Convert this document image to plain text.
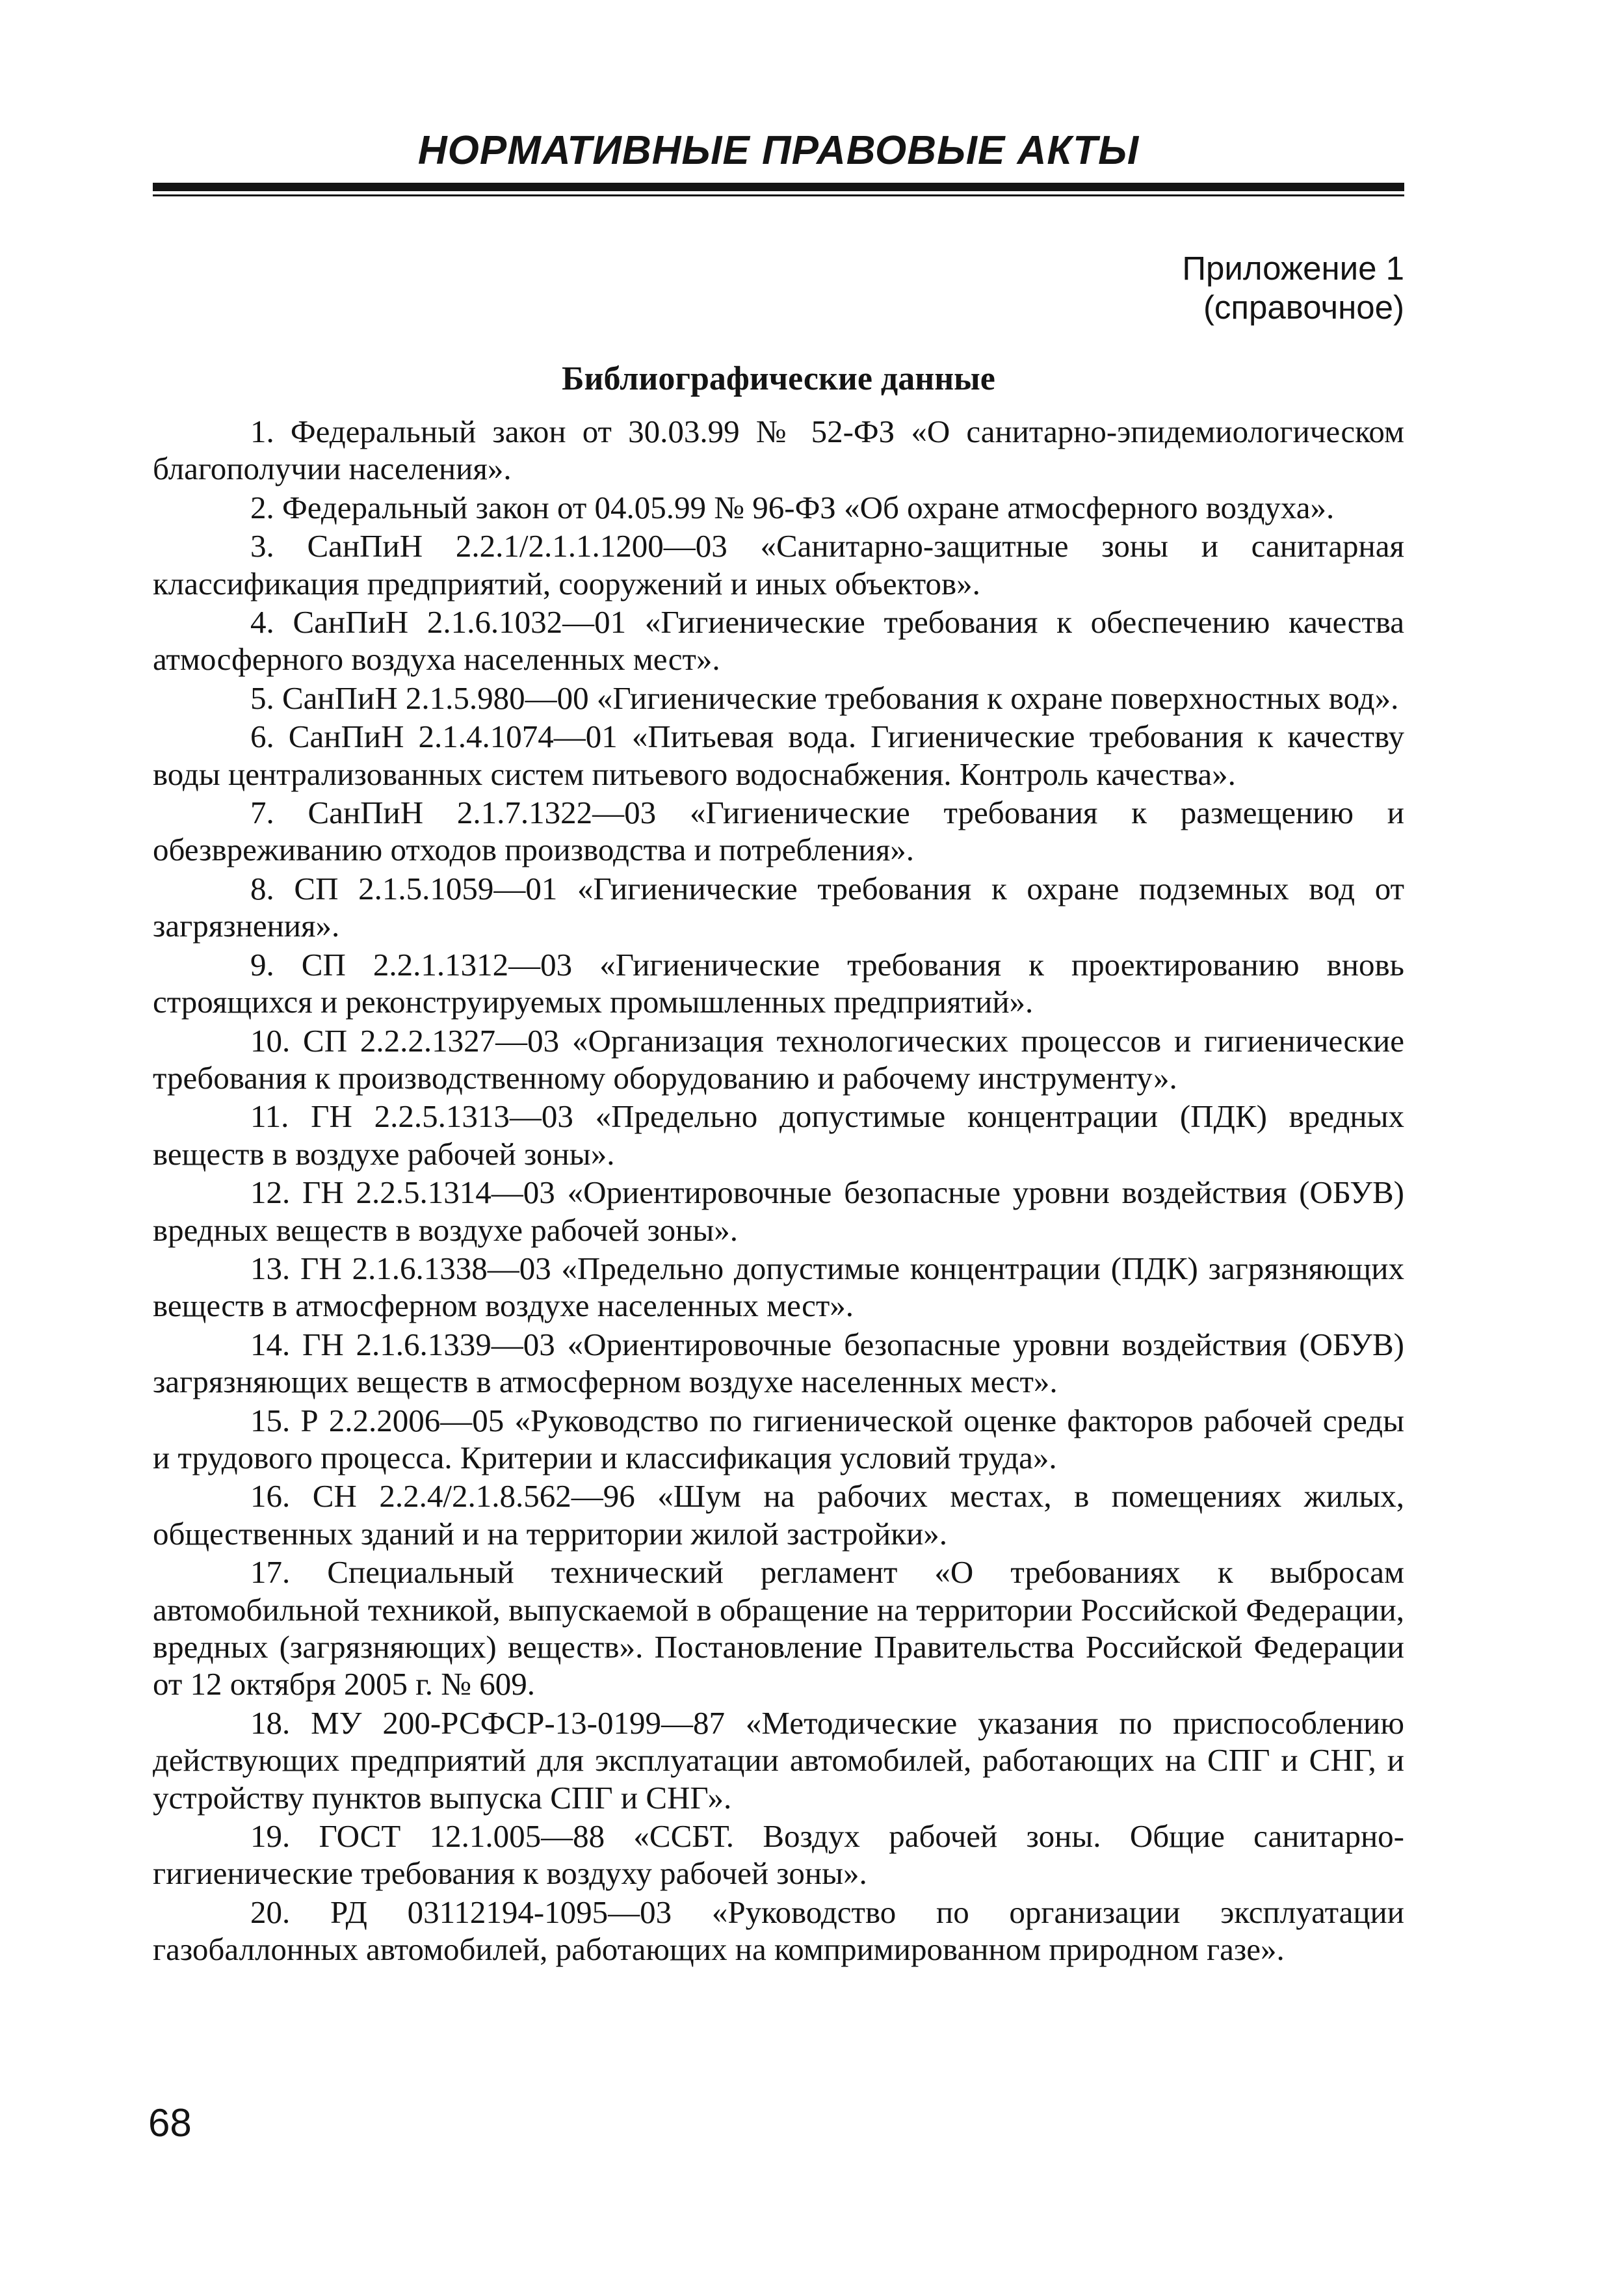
НОРМАТИВНЫЕ ПРАВОВЫЕ АКТЫ
Приложение 1
(справочное)
Библиографические данные
1. Федеральный закон от 30.03.99 № 52-ФЗ «О санитарно-эпидемиологическом благополучии населения».
2. Федеральный закон от 04.05.99 № 96-ФЗ «Об охране атмосферного воздуха».
3. СанПиН 2.2.1/2.1.1.1200—03 «Санитарно-защитные зоны и санитарная классификация предприятий, сооружений и иных объектов».
4. СанПиН 2.1.6.1032—01 «Гигиенические требования к обеспечению качества атмосферного воздуха населенных мест».
5. СанПиН 2.1.5.980—00 «Гигиенические требования к охране поверхностных вод».
6. СанПиН 2.1.4.1074—01 «Питьевая вода. Гигиенические требования к качеству воды централизованных систем питьевого водоснабжения. Контроль качества».
7. СанПиН 2.1.7.1322—03 «Гигиенические требования к размещению и обезвреживанию отходов производства и потребления».
8. СП 2.1.5.1059—01 «Гигиенические требования к охране подземных вод от загрязнения».
9. СП 2.2.1.1312—03 «Гигиенические требования к проектированию вновь строящихся и реконструируемых промышленных предприятий».
10. СП 2.2.2.1327—03 «Организация технологических процессов и гигиенические требования к производственному оборудованию и рабочему инструменту».
11. ГН 2.2.5.1313—03 «Предельно допустимые концентрации (ПДК) вредных веществ в воздухе рабочей зоны».
12. ГН 2.2.5.1314—03 «Ориентировочные безопасные уровни воздействия (ОБУВ) вредных веществ в воздухе рабочей зоны».
13. ГН 2.1.6.1338—03 «Предельно допустимые концентрации (ПДК) загрязняющих веществ в атмосферном воздухе населенных мест».
14. ГН 2.1.6.1339—03 «Ориентировочные безопасные уровни воздействия (ОБУВ) загрязняющих веществ в атмосферном воздухе населенных мест».
15. Р 2.2.2006—05 «Руководство по гигиенической оценке факторов рабочей среды и трудового процесса. Критерии и классификация условий труда».
16. СН 2.2.4/2.1.8.562—96 «Шум на рабочих местах, в помещениях жилых, общественных зданий и на территории жилой застройки».
17. Специальный технический регламент «О требованиях к выбросам автомобильной техникой, выпускаемой в обращение на территории Российской Федерации, вредных (загрязняющих) веществ». Постановление Правительства Российской Федерации от 12 октября 2005 г. № 609.
18. МУ 200-РСФСР-13-0199—87 «Методические указания по приспособлению действующих предприятий для эксплуатации автомобилей, работающих на СПГ и СНГ, и устройству пунктов выпуска СПГ и СНГ».
19. ГОСТ 12.1.005—88 «ССБТ. Воздух рабочей зоны. Общие санитарно-гигиенические требования к воздуху рабочей зоны».
20. РД 03112194-1095—03 «Руководство по организации эксплуатации газобаллонных автомобилей, работающих на компримированном природном газе».
68
